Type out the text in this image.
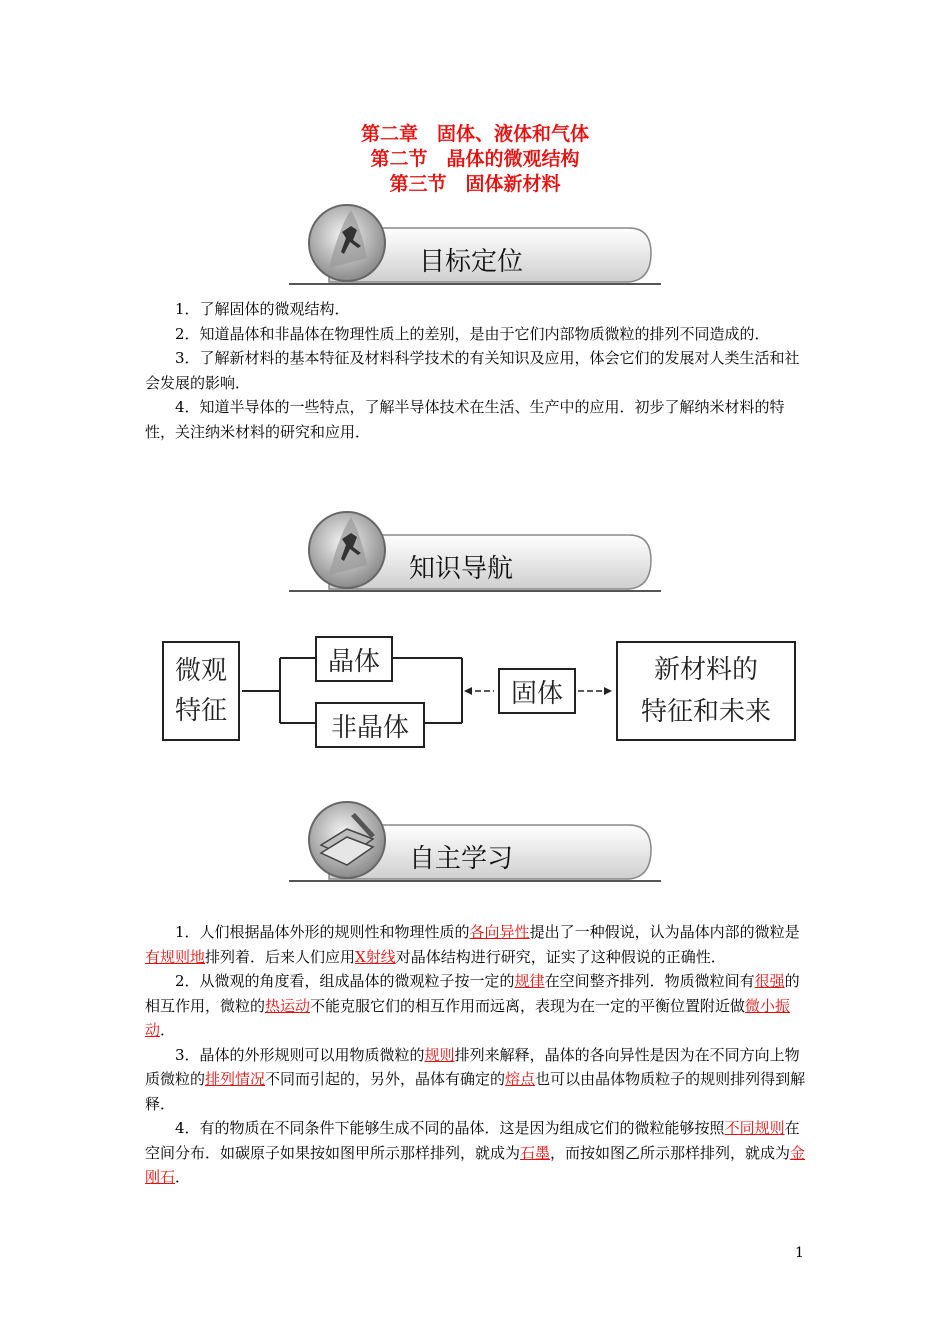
第二章　固体、液体和气体
第二节　晶体的微观结构
第三节　固体新材料
目标定位

1．了解固体的微观结构．

2．知道晶体和非晶体在物理性质上的差别，是由于它们内部物质微粒的排列不同造成的．

3．了解新材料的基本特征及材料科学技术的有关知识及应用，体会它们的发展对人类生活和社会发展的影响．

4．知道半导体的一些特点，了解半导体技术在生活、生产中的应用．初步了解纳米材料的特性，关注纳米材料的研究和应用．

知识导航
微观
特征
晶体
非晶体
固体
新材料的
特征和未来
自主学习

1．人们根据晶体外形的规则性和物理性质的各向异性提出了一种假说，认为晶体内部的微粒是有规则地排列着．后来人们应用X射线对晶体结构进行研究，证实了这种假说的正确性．

2．从微观的角度看，组成晶体的微观粒子按一定的规律在空间整齐排列．物质微粒间有很强的相互作用，微粒的热运动不能克服它们的相互作用而远离，表现为在一定的平衡位置附近做微小振动．

3．晶体的外形规则可以用物质微粒的规则排列来解释，晶体的各向异性是因为在不同方向上物质微粒的排列情况不同而引起的，另外，晶体有确定的熔点也可以由晶体物质粒子的规则排列得到解释．

4．有的物质在不同条件下能够生成不同的晶体．这是因为组成它们的微粒能够按照不同规则在空间分布．如碳原子如果按如图甲所示那样排列，就成为石墨，而按如图乙所示那样排列，就成为金刚石．

1
